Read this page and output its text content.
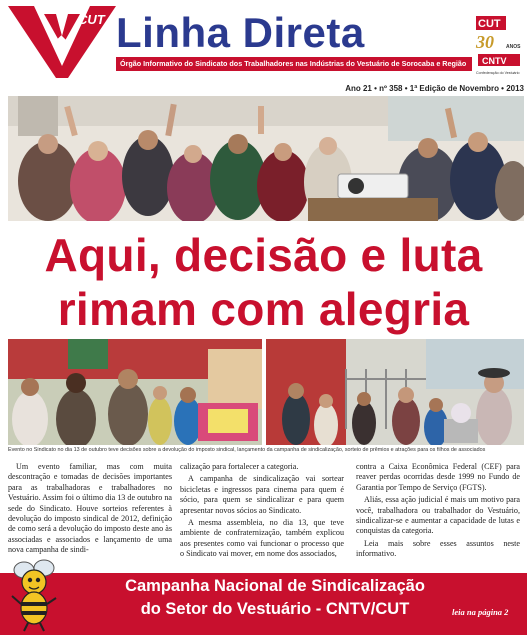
CUT Linha Direta
Órgão Informativo do Sindicato dos Trabalhadores nas Indústrias do Vestuário de Sorocaba e Região
CUT
30 ANOS
CNTV
Confederação do Vestuário
Ano 21 • nº 358 • 1ª Edição de Novembro • 2013
Aqui, decisão e luta
rimam com alegria
Evento no Sindicato no dia 13 de outubro teve decisões sobre a devolução do imposto sindical, lançamento da campanha de sindicalização, sorteio de prêmios e atrações para os filhos de associados

Um evento familiar, mas com muita descontração e tomadas de decisões importantes para as trabalhadoras e trabalhadores no Vestuário. Assim foi o último dia 13 de outubro na sede do Sindicato. Houve sorteios referentes à devolução do imposto sindical de 2012, definição de como será a devolução do imposto deste ano às associadas e associados e lançamento de uma nova campanha de sindi-

calização para fortalecer a categoria.

A campanha de sindicalização vai sortear bicicletas e ingressos para cinema para quem é sócio, para quem se sindicalizar e para quem apresentar novos sócios ao Sindicato.

A mesma assembleia, no dia 13, que teve ambiente de confraternização, também explicou aos presentes como vai funcionar o processo que o Sindicato vai mover, em nome dos associados,

contra a Caixa Econômica Federal (CEF) para reaver perdas ocorridas desde 1999 no Fundo de Garantia por Tempo de Serviço (FGTS).

Aliás, essa ação judicial é mais um motivo para você, trabalhadora ou trabalhador do Vestuário, sindicalizar-se e aumentar a capacidade de lutas e conquistas da categoria.

Leia mais sobre esses assuntos neste informativo.

Campanha Nacional de Sindicalização
do Setor do Vestuário - CNTV/CUT	leia na página 2
